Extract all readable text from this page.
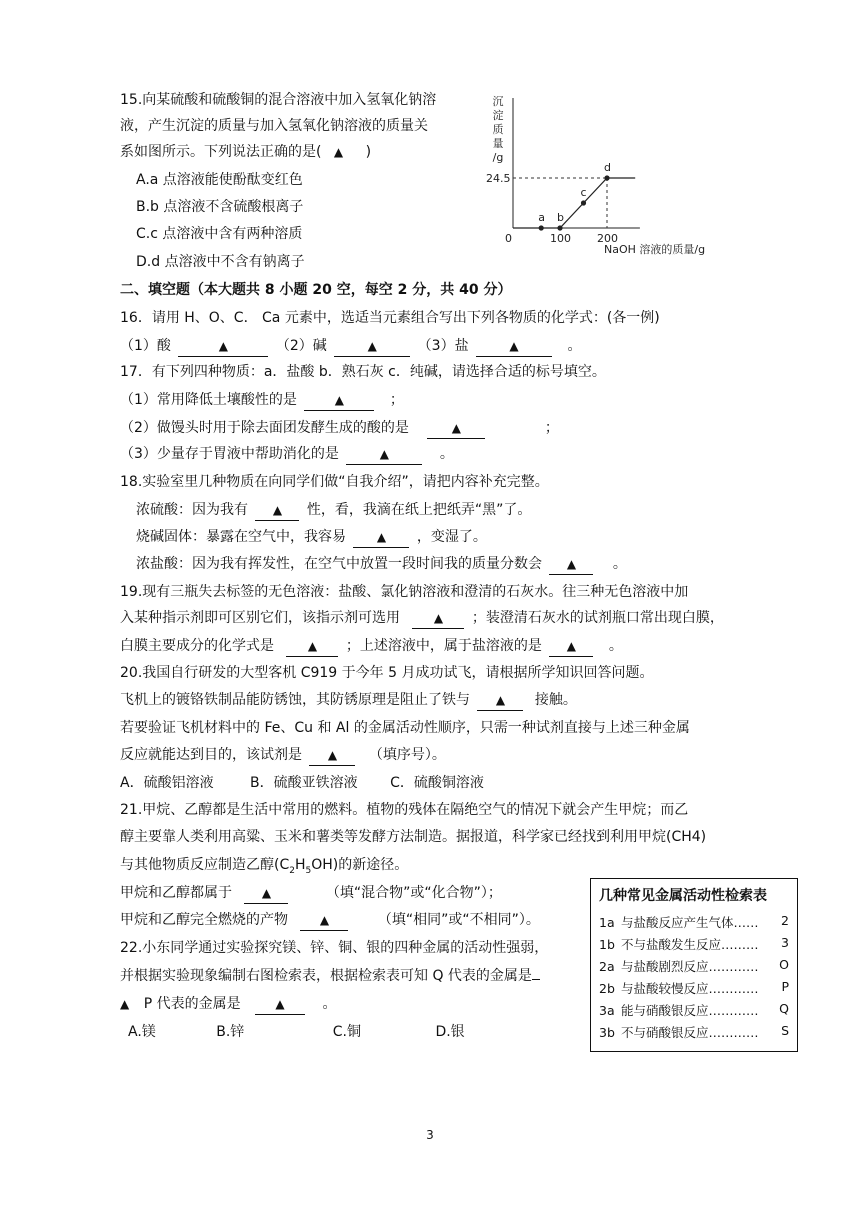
15.向某硫酸和硫酸铜的混合溶液中加入氢氧化钠溶
液，产生沉淀的质量与加入氢氧化钠溶液的质量关
系如图所示。下列说法正确的是( ▲ )
A.a 点溶液能使酚酞变红色
B.b 点溶液不含硫酸根离子
C.c 点溶液中含有两种溶质
D.d 点溶液中不含有钠离子
沉
淀
质
量
/g
a b
c
d
0	100 200
24.5
NaOH 溶液的质量/g
二、填空题（本大题共 8 小题 20 空，每空 2 分，共 40 分）
16．请用 H、O、C． Ca 元素中，选适当元素组合写出下列各物质的化学式：(各一例)
（1）酸	▲	（2）碱	▲	（3）盐	▲	。
17．有下列四种物质：a．盐酸 b．熟石灰 c．纯碱，请选择合适的标号填空。
（1）常用降低土壤酸性的是	▲	；
（2）做馒头时用于除去面团发酵生成的酸的是	▲	；
（3）少量存于胃液中帮助消化的是	▲	。
18.实验室里几种物质在向同学们做“自我介绍”，请把内容补充完整。
浓硫酸：因为我有 ▲ 性，看，我滴在纸上把纸弄“黑”了。
烧碱固体：暴露在空气中，我容易	▲ ，变湿了。
浓盐酸：因为我有挥发性，在空气中放置一段时间我的质量分数会 ▲	。
19.现有三瓶失去标签的无色溶液：盐酸、氯化钠溶液和澄清的石灰水。往三种无色溶液中加
入某种指示剂即可区别它们，该指示剂可选用	▲ ；装澄清石灰水的试剂瓶口常出现白膜，
白膜主要成分的化学式是	▲ ；上述溶液中，属于盐溶液的是 ▲ 。
20.我国自行研发的大型客机 C919 于今年 5 月成功试飞，请根据所学知识回答问题。
飞机上的镀铬铁制品能防锈蚀，其防锈原理是阻止了铁与 ▲ 接触。
若要验证飞机材料中的 Fe、Cu 和 Al 的金属活动性顺序，只需一种试剂直接与上述三种金属
反应就能达到目的，该试剂是 ▲ （填序号）。
A．硫酸铝溶液	B．硫酸亚铁溶液 C．硫酸铜溶液
21.甲烷、乙醇都是生活中常用的燃料。植物的残体在隔绝空气的情况下就会产生甲烷；而乙
醇主要靠人类利用高粱、玉米和薯类等发酵方法制造。据报道，科学家已经找到利用甲烷(CH4)
与其他物质反应制造乙醇$(C_2H_5OH)$的新途径。
甲烷和乙醇都属于 ▲	（填“混合物”或“化合物”）；
甲烷和乙醇完全燃烧的产物	▲	（填“相同”或“不相同”）。
22.小东同学通过实验探究镁、锌、铜、银的四种金属的活动性强弱，
并根据实验现象编制右图检索表，根据检索表可知 Q 代表的金属是
▲ P 代表的金属是	▲	。
A.镁	B.锌	C.铜	D.银
几种常见金属活动性检索表
1a 与盐酸反应产生气体…… 2
1b 不与盐酸发生反应……… 3
2a 与盐酸剧烈反应………… O
2b 与盐酸较慢反应………… P
3a 能与硝酸银反应………… Q
3b 不与硝酸银反应………… S
3
